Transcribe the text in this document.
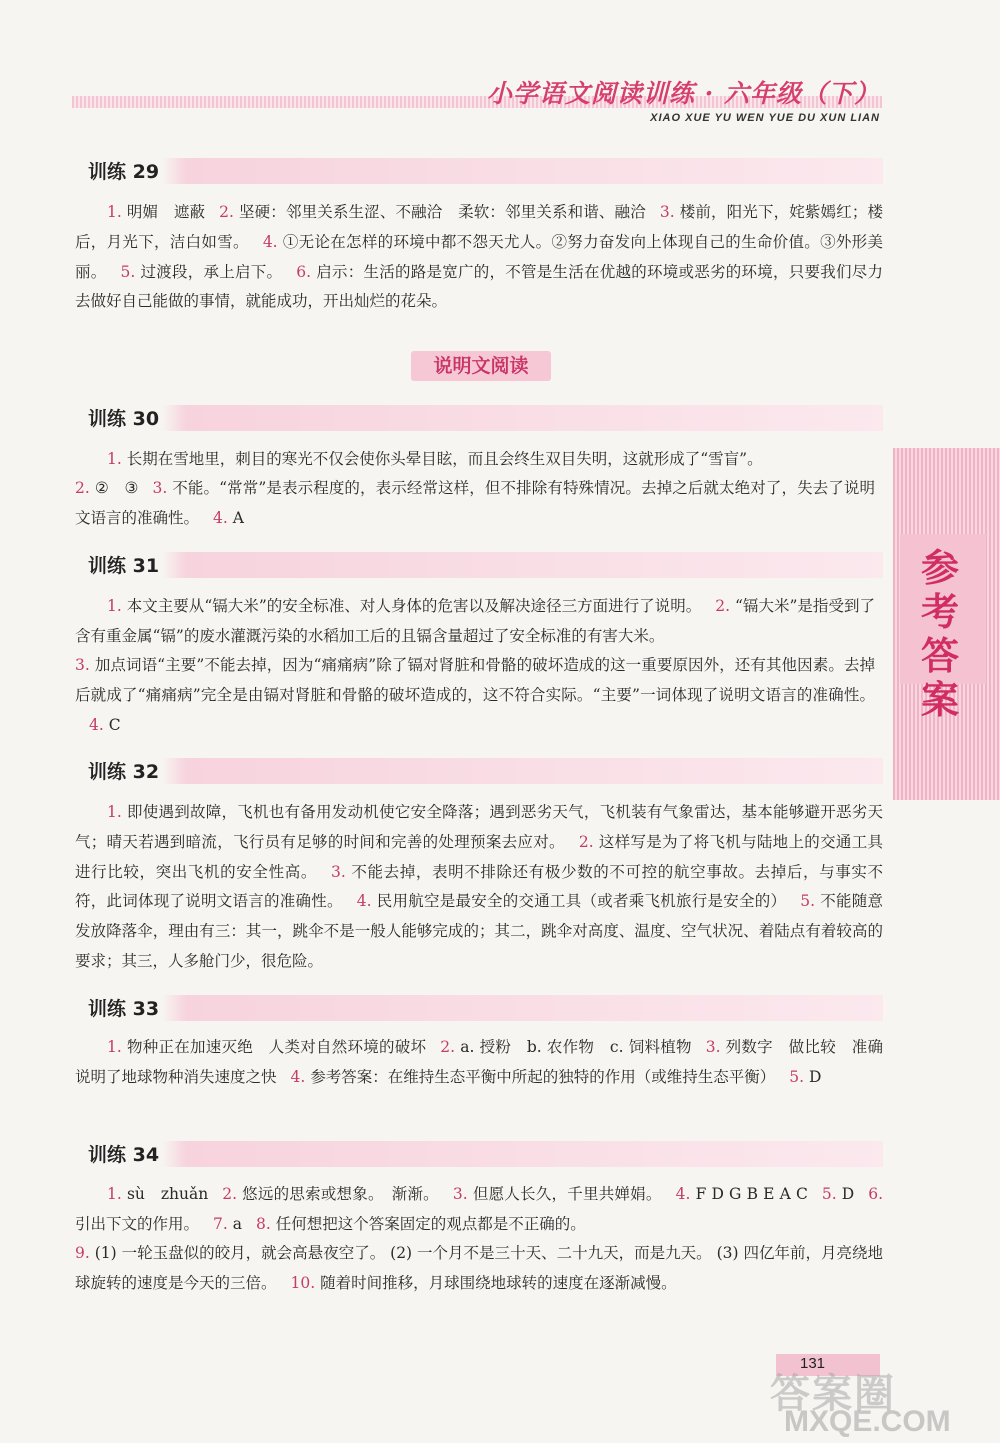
小学语文阅读训练 · 六年级（下）
XIAO XUE YU WEN YUE DU XUN LIAN
训练 29
1. 明媚　遮蔽 2. 坚硬：邻里关系生涩、不融洽　柔软：邻里关系和谐、融洽 3. 楼前，阳光下，姹紫嫣红；楼后，月光下，洁白如雪。 4. ①无论在怎样的环境中都不怨天尤人。②努力奋发向上体现自己的生命价值。③外形美丽。 5. 过渡段，承上启下。 6. 启示：生活的路是宽广的，不管是生活在优越的环境或恶劣的环境，只要我们尽力去做好自己能做的事情，就能成功，开出灿烂的花朵。
说明文阅读
训练 30
1. 长期在雪地里，刺目的寒光不仅会使你头晕目眩，而且会终生双目失明，这就形成了“雪盲”。
2. ②　③ 3. 不能。“常常”是表示程度的，表示经常这样，但不排除有特殊情况。去掉之后就太绝对了，失去了说明文语言的准确性。 4. A
训练 31
1. 本文主要从“镉大米”的安全标准、对人身体的危害以及解决途径三方面进行了说明。 2. “镉大米”是指受到了含有重金属“镉”的废水灌溉污染的水稻加工后的且镉含量超过了安全标准的有害大米。
3. 加点词语“主要”不能去掉，因为“痛痛病”除了镉对肾脏和骨骼的破坏造成的这一重要原因外，还有其他因素。去掉后就成了“痛痛病”完全是由镉对肾脏和骨骼的破坏造成的，这不符合实际。“主要”一词体现了说明文语言的准确性。4. C
训练 32
1. 即使遇到故障，飞机也有备用发动机使它安全降落；遇到恶劣天气，飞机装有气象雷达，基本能够避开恶劣天气；晴天若遇到暗流，飞行员有足够的时间和完善的处理预案去应对。 2. 这样写是为了将飞机与陆地上的交通工具进行比较，突出飞机的安全性高。 3. 不能去掉，表明不排除还有极少数的不可控的航空事故。去掉后，与事实不符，此词体现了说明文语言的准确性。 4. 民用航空是最安全的交通工具（或者乘飞机旅行是安全的） 5. 不能随意发放降落伞，理由有三：其一，跳伞不是一般人能够完成的；其二，跳伞对高度、温度、空气状况、着陆点有着较高的要求；其三，人多舱门少，很危险。
训练 33
1. 物种正在加速灭绝　人类对自然环境的破坏 2. a. 授粉　b. 农作物　c. 饲料植物 3. 列数字　做比较　准确说明了地球物种消失速度之快 4. 参考答案：在维持生态平衡中所起的独特的作用（或维持生态平衡） 5. D
训练 34
1. sù　zhuǎn 2. 悠远的思索或想象。　渐渐。 3. 但愿人长久，千里共婵娟。 4. F D G B E A C 5. D 6. 引出下文的作用。 7. a 8. 任何想把这个答案固定的观点都是不正确的。
9. (1) 一轮玉盘似的皎月，就会高悬夜空了。 (2) 一个月不是三十天、二十九天，而是九天。 (3) 四亿年前，月亮绕地球旋转的速度是今天的三倍。 10. 随着时间推移，月球围绕地球转的速度在逐渐减慢。
参考答案
131
答案圈
MXQE.COM
